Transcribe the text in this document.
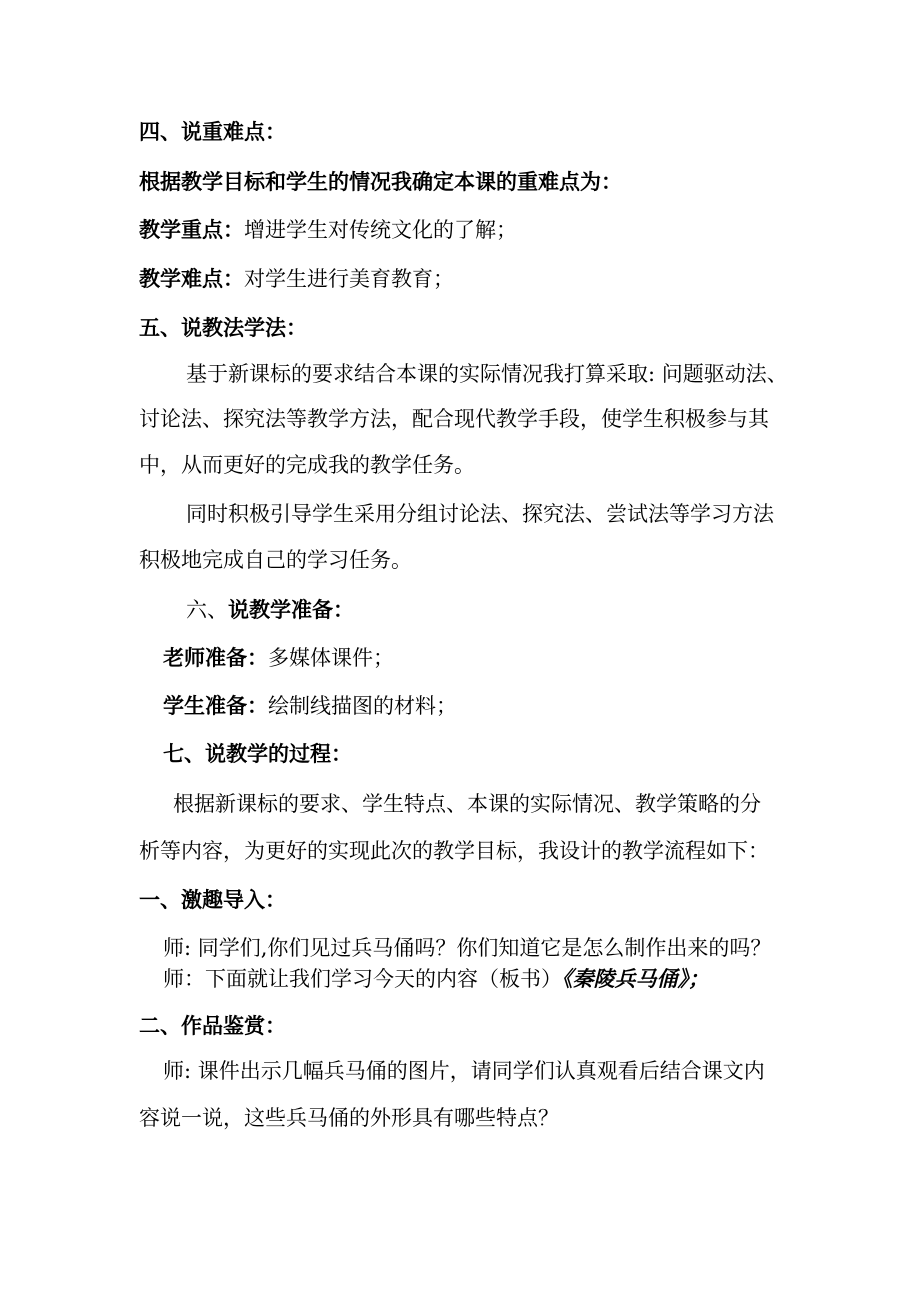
四、说重难点：
根据教学目标和学生的情况我确定本课的重难点为：
教学重点：增进学生对传统文化的了解；
教学难点：对学生进行美育教育；
五、说教法学法：
基于新课标的要求结合本课的实际情况我打算采取: 问题驱动法、
讨论法、探究法等教学方法，配合现代教学手段，使学生积极参与其
中，从而更好的完成我的教学任务。
同时积极引导学生采用分组讨论法、探究法、尝试法等学习方法
积极地完成自己的学习任务。
六、说教学准备：
老师准备：多媒体课件；
学生准备：绘制线描图的材料；
七、说教学的过程：
根据新课标的要求、学生特点、本课的实际情况、教学策略的分
析等内容，为更好的实现此次的教学目标，我设计的教学流程如下：
一、激趣导入：
师: 同学们,你们见过兵马俑吗？你们知道它是怎么制作出来的吗？
师：下面就让我们学习今天的内容（板书）《秦陵兵马俑》；
二、作品鉴赏：
师: 课件出示几幅兵马俑的图片，请同学们认真观看后结合课文内
容说一说，这些兵马俑的外形具有哪些特点？
